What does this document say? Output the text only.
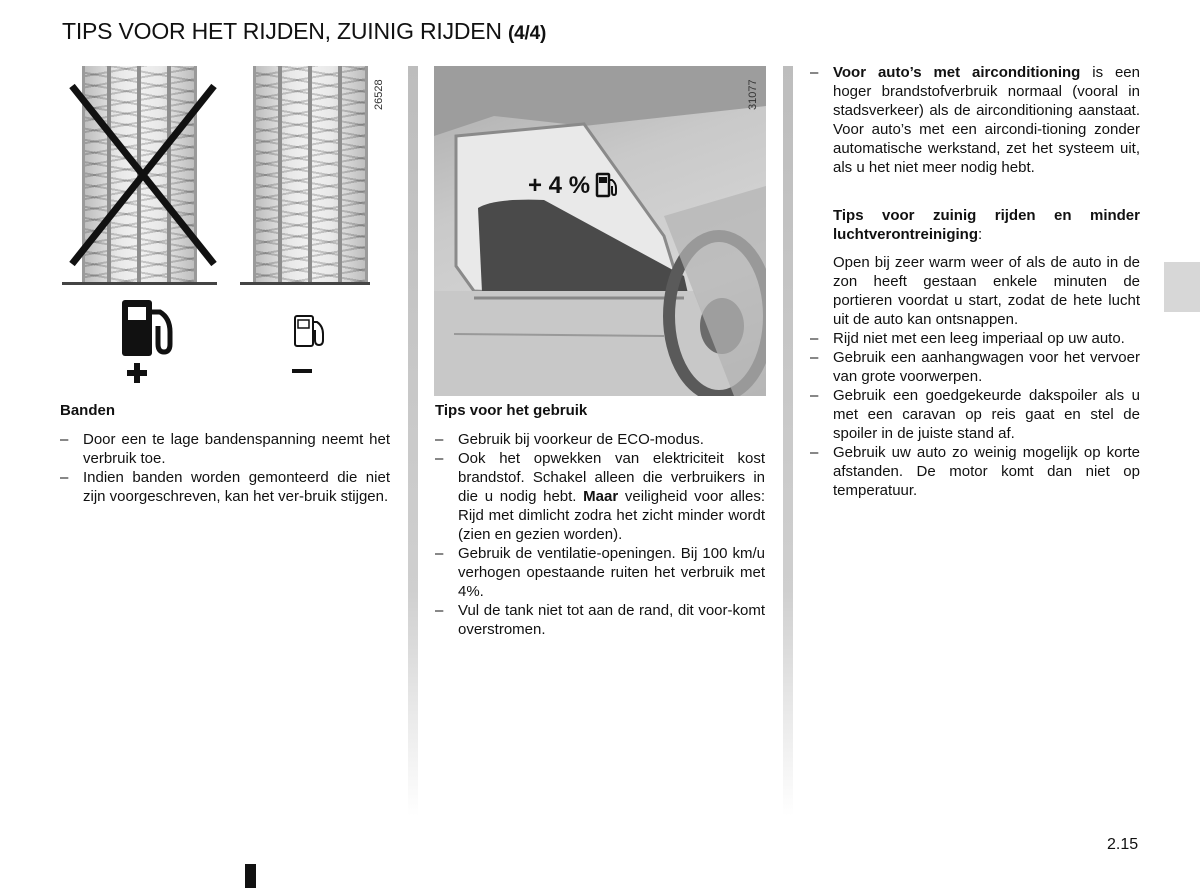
TIPS VOOR HET RIJDEN, ZUINIG RIJDEN (4/4)
26528
Banden
– Door een te lage bandenspanning neemt het verbruik toe.
– Indien banden worden gemonteerd die niet zijn voorgeschreven, kan het ver-bruik stijgen.
+ 4 %
31077
Tips voor het gebruik
– Gebruik bij voorkeur de ECO-modus.
– Ook het opwekken van elektriciteit kost brandstof. Schakel alleen die verbruikers in die u nodig hebt. Maar veiligheid voor alles: Rijd met dimlicht zodra het zicht minder wordt (zien en gezien worden).
– Gebruik de ventilatie-openingen. Bij 100 km/u verhogen opestaande ruiten het verbruik met 4%.
– Vul de tank niet tot aan de rand, dit voor-komt overstromen.
– Voor auto’s met airconditioning is een hoger brandstofverbruik normaal (vooral in stadsverkeer) als de airconditioning aanstaat. Voor auto’s met een aircondi-tioning zonder automatische werkstand, zet het systeem uit, als u het niet meer nodig hebt.

Tips voor zuinig rijden en minder luchtverontreiniging:

Open bij zeer warm weer of als de auto in de zon heeft gestaan enkele minuten de portieren voordat u start, zodat de hete lucht uit de auto kan ontsnappen.

– Rijd niet met een leeg imperiaal op uw auto.
– Gebruik een aanhangwagen voor het vervoer van grote voorwerpen.
– Gebruik een goedgekeurde dakspoiler als u met een caravan op reis gaat en stel de spoiler in de juiste stand af.
– Gebruik uw auto zo weinig mogelijk op korte afstanden. De motor komt dan niet op temperatuur.
2.15
